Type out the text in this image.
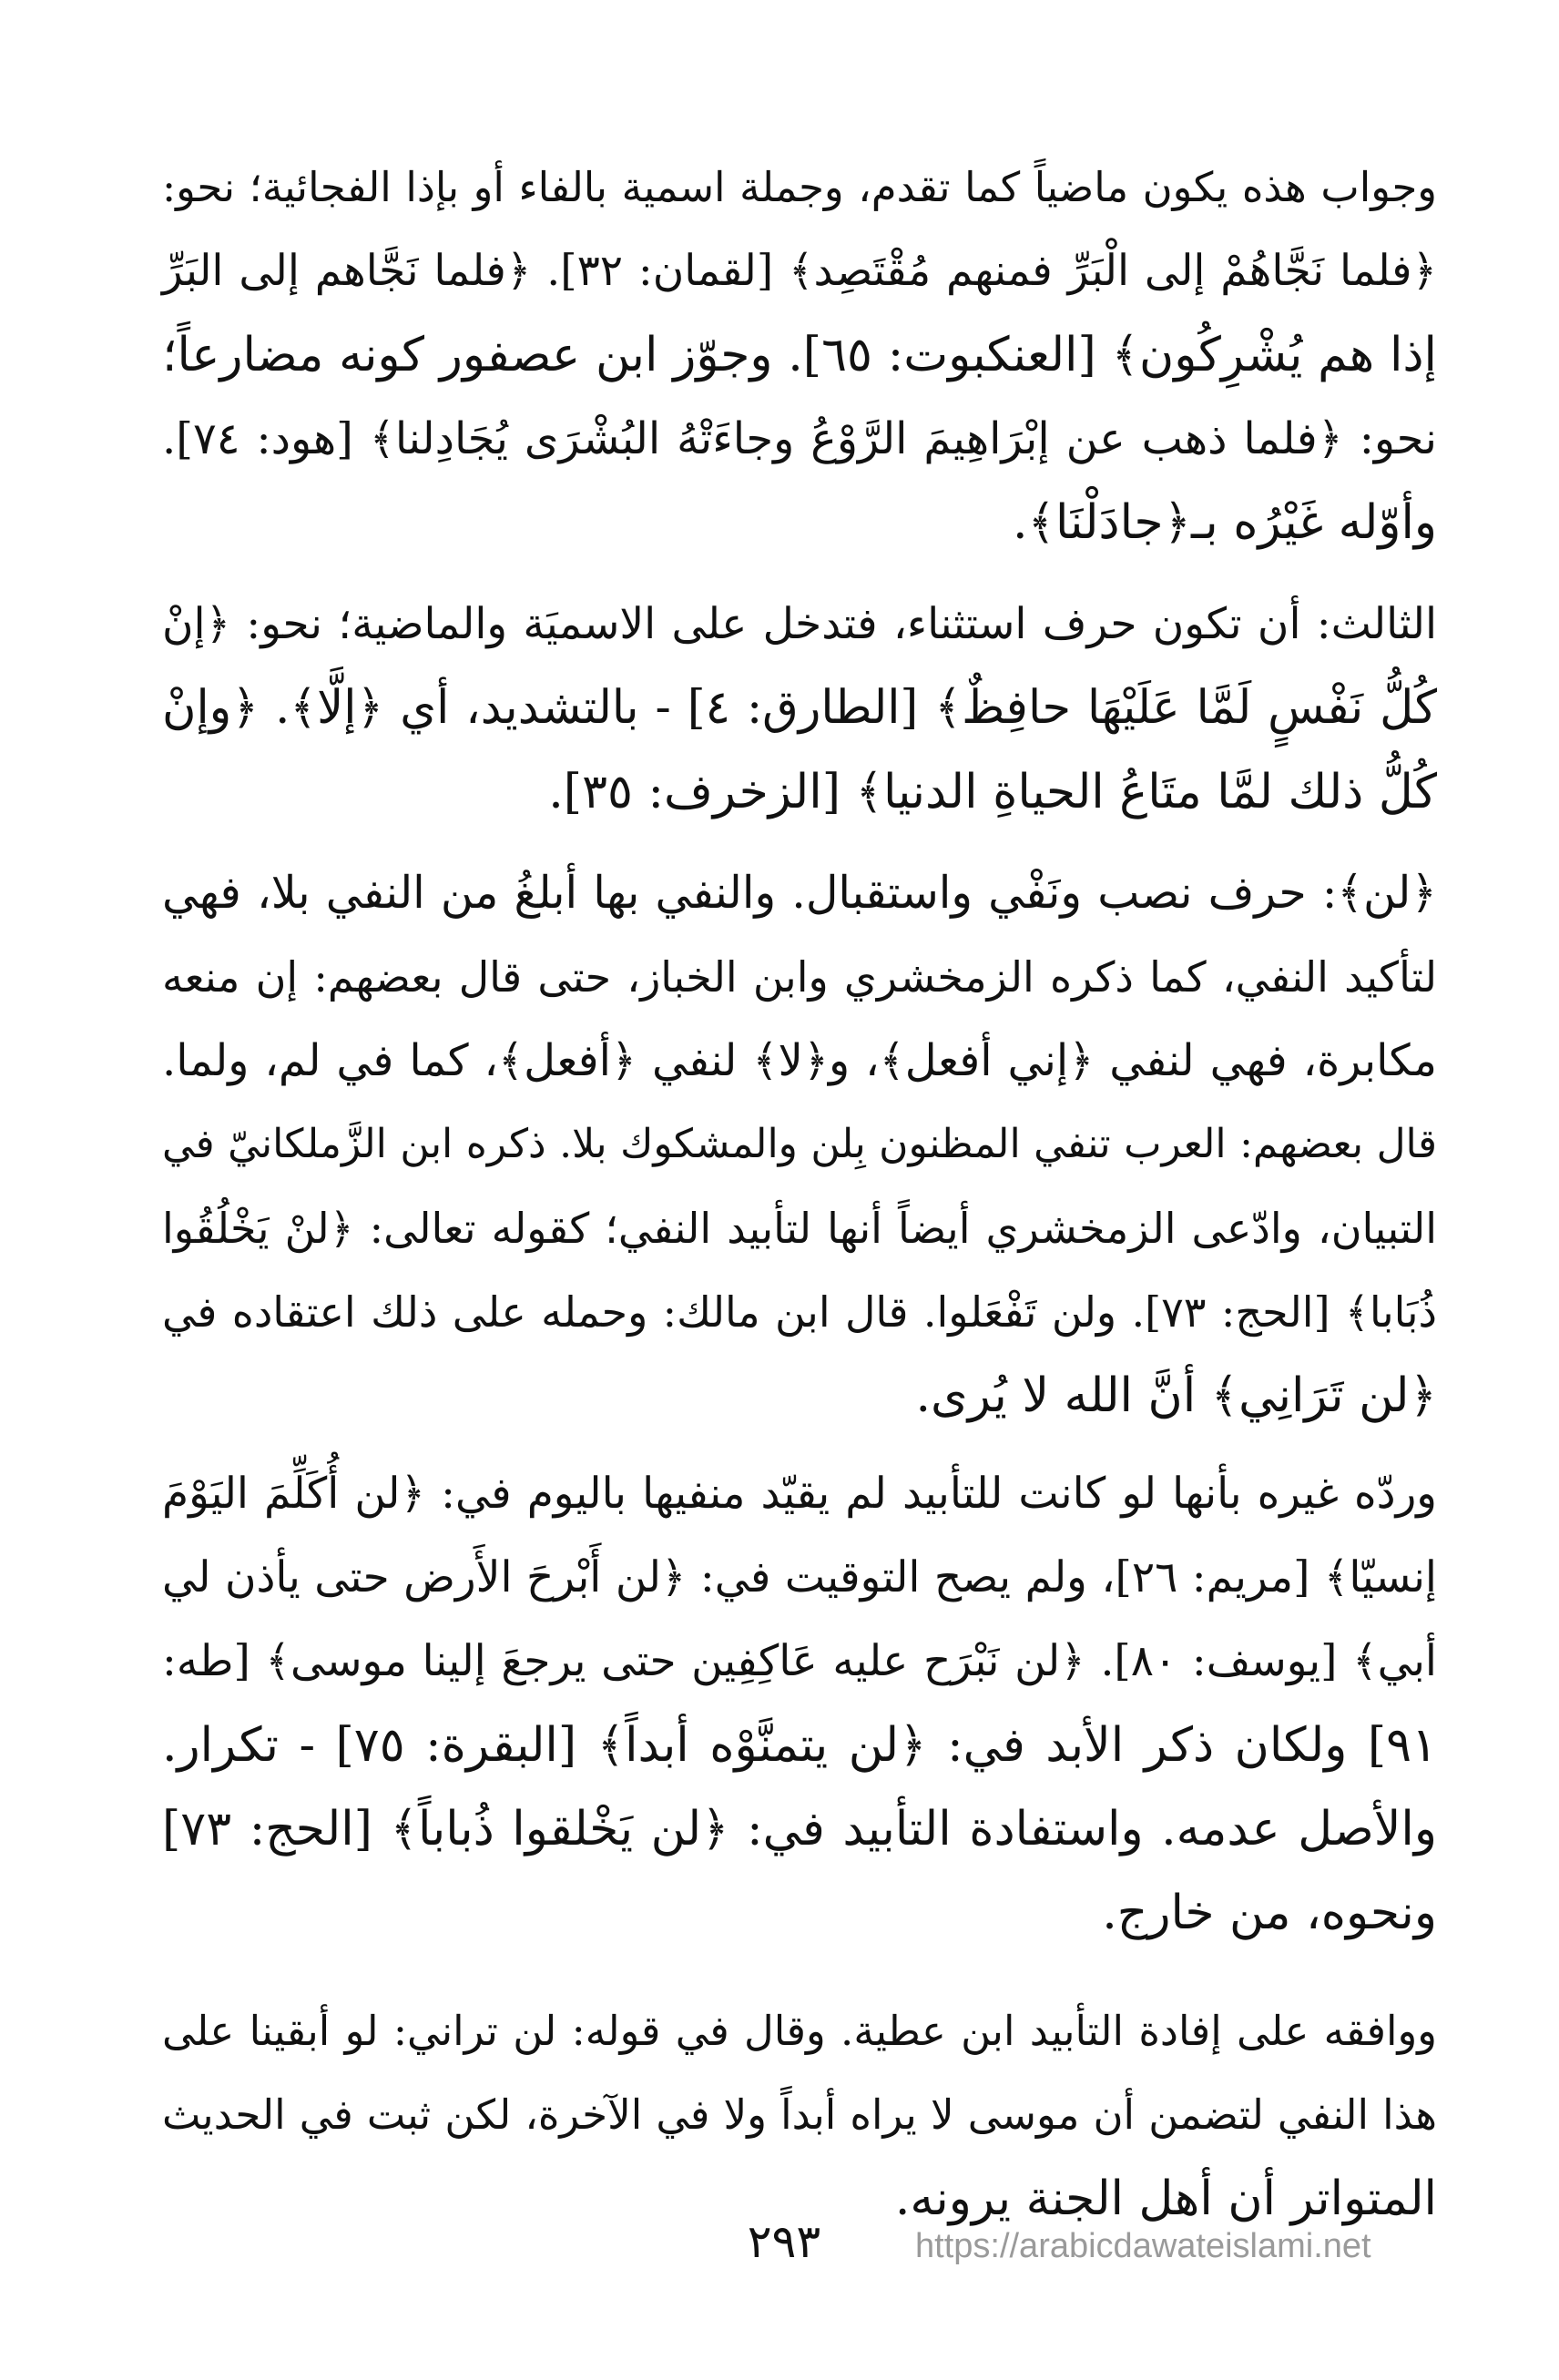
وجواب هذه يكون ماضياً كما تقدم، وجملة اسمية بالفاء أو بإذا الفجائية؛ نحو:
﴿فلما نَجَّاهُمْ إلى الْبَرِّ فمنهم مُقْتَصِد﴾ [لقمان: ٣٢]. ﴿فلما نَجَّاهم إلى البَرِّ
إذا هم يُشْرِكُون﴾ [العنكبوت: ٦٥]. وجوّز ابن عصفور كونه مضارعاً؛
نحو: ﴿فلما ذهب عن إبْرَاهِيمَ الرَّوْعُ وجاءَتْهُ البُشْرَى يُجَادِلنا﴾ [هود: ٧٤].
وأوّله غَيْرُه بـ﴿جادَلْنَا﴾.
الثالث: أن تكون حرف استثناء، فتدخل على الاسميَة والماضية؛ نحو: ﴿إنْ
كُلُّ نَفْسٍ لَمَّا عَلَيْهَا حافِظٌ﴾ [الطارق: ٤] - بالتشديد، أي ﴿إلَّا﴾. ﴿وإنْ
كُلُّ ذلك لمَّا متَاعُ الحياةِ الدنيا﴾ [الزخرف: ٣٥].
﴿لن﴾: حرف نصب ونَفْي واستقبال. والنفي بها أبلغُ من النفي بلا، فهي
لتأكيد النفي، كما ذكره الزمخشري وابن الخباز، حتى قال بعضهم: إن منعه
مكابرة، فهي لنفي ﴿إني أفعل﴾، و﴿لا﴾ لنفي ﴿أفعل﴾، كما في لم، ولما.
قال بعضهم: العرب تنفي المظنون بِلن والمشكوك بلا. ذكره ابن الزَّملكانيّ في
التبيان، وادّعى الزمخشري أيضاً أنها لتأبيد النفي؛ كقوله تعالى: ﴿لنْ يَخْلُقُوا
ذُبَابا﴾ [الحج: ٧٣]. ولن تَفْعَلوا. قال ابن مالك: وحمله على ذلك اعتقاده في
﴿لن تَرَانِي﴾ أنَّ الله لا يُرى.
وردّه غيره بأنها لو كانت للتأبيد لم يقيّد منفيها باليوم في: ﴿لن أُكَلِّمَ اليَوْمَ
إنسيّا﴾ [مريم: ٢٦]، ولم يصح التوقيت في: ﴿لن أَبْرحَ الأَرض حتى يأذن لي
أبي﴾ [يوسف: ٨٠]. ﴿لن نَبْرَح عليه عَاكِفِين حتى يرجعَ إلينا موسى﴾ [طه:
٩١] ولكان ذكر الأبد في: ﴿لن يتمنَّوْه أبداً﴾ [البقرة: ٧٥] - تكرار.
والأصل عدمه. واستفادة التأبيد في: ﴿لن يَخْلقوا ذُباباً﴾ [الحج: ٧٣]
ونحوه، من خارج.
ووافقه على إفادة التأبيد ابن عطية. وقال في قوله: لن تراني: لو أبقينا على
هذا النفي لتضمن أن موسى لا يراه أبداً ولا في الآخرة، لكن ثبت في الحديث
المتواتر أن أهل الجنة يرونه.
٢٩٣	https://arabicdawateislami.net
